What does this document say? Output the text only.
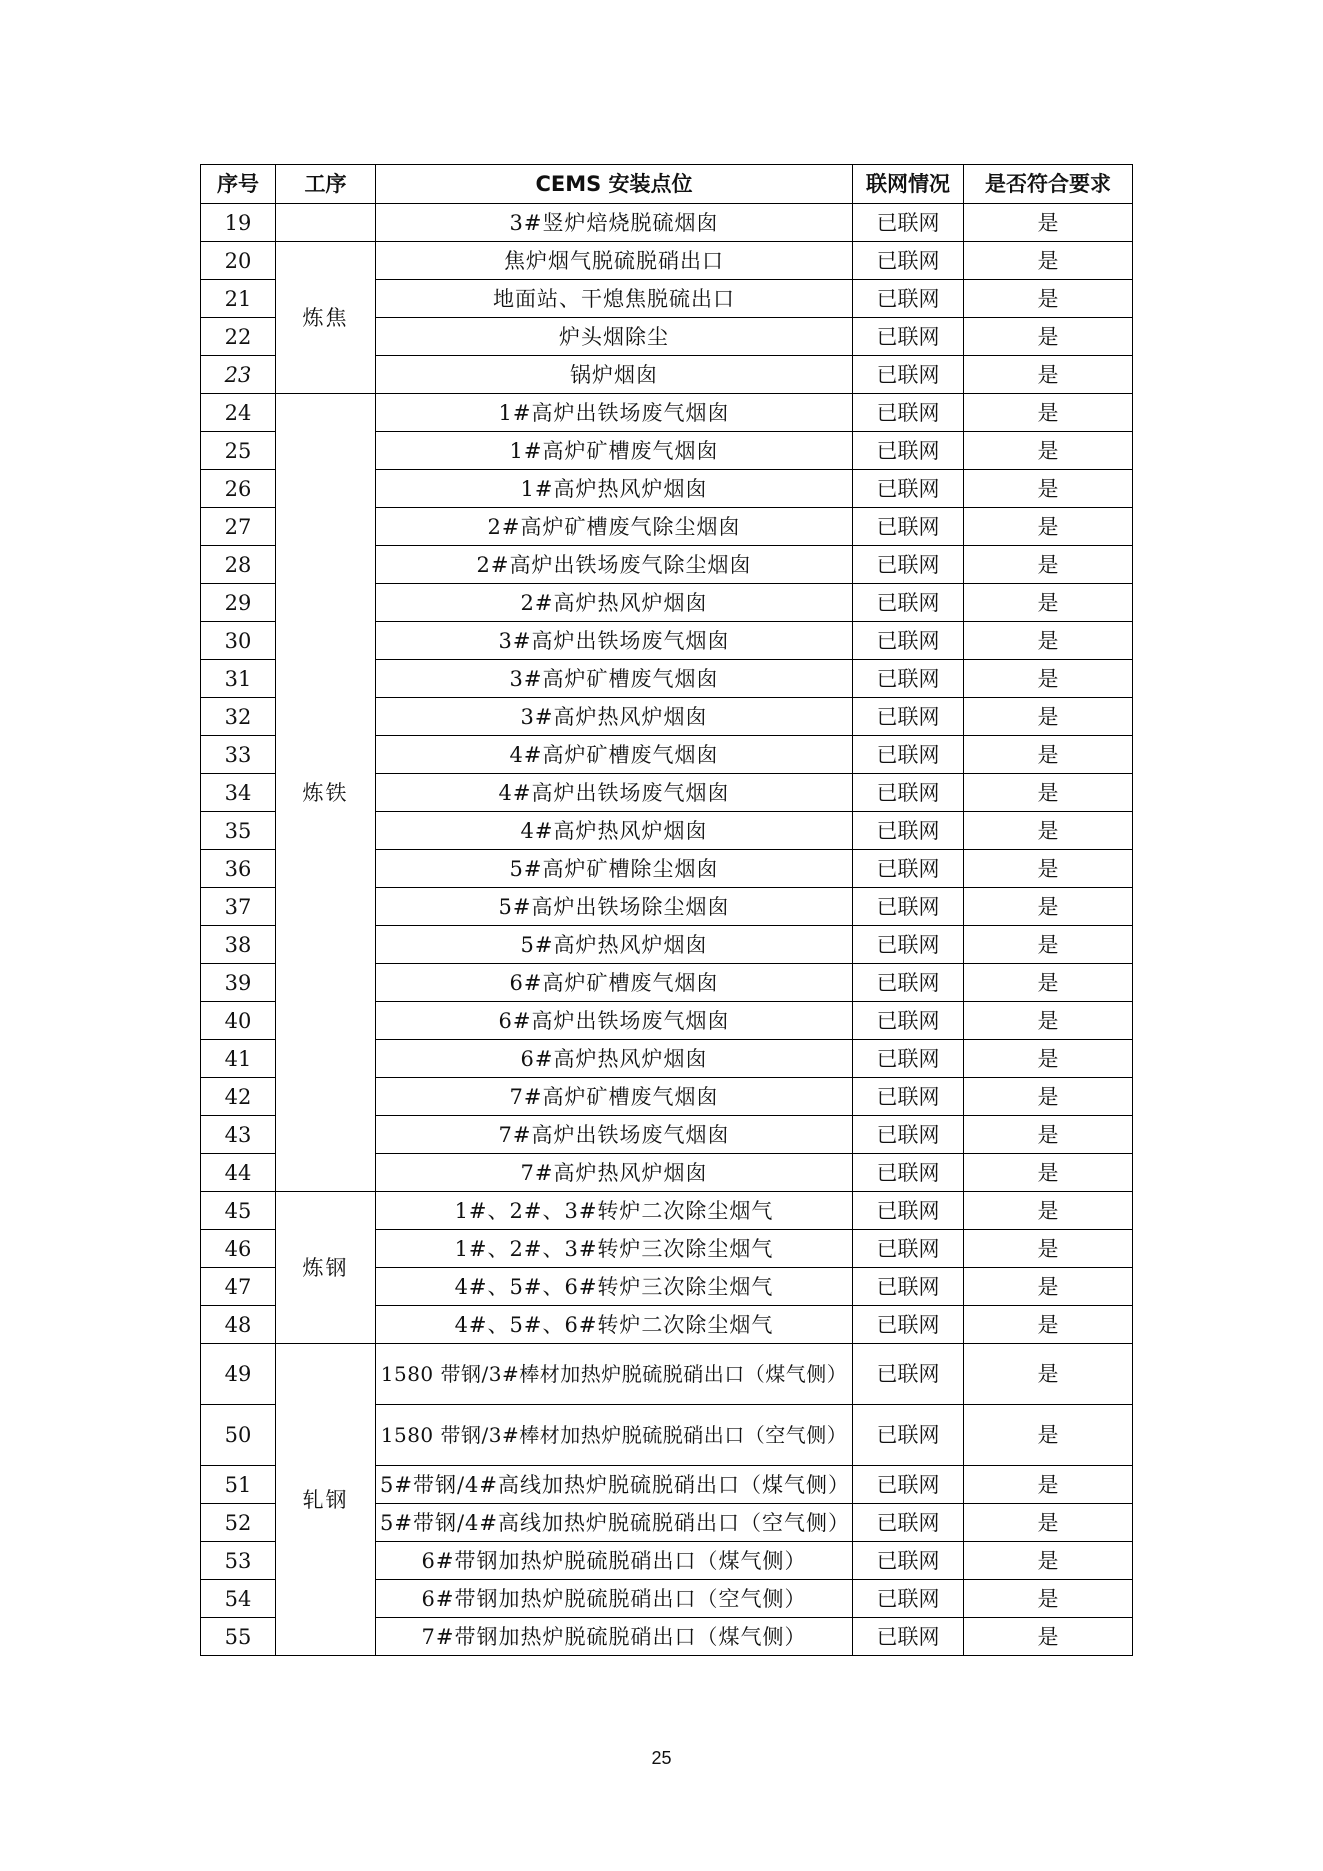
序号	工序	CEMS 安装点位	联网情况	是否符合要求
19		3#竖炉焙烧脱硫烟囱	已联网	是
20	炼焦	焦炉烟气脱硫脱硝出口	已联网	是
21		地面站、干熄焦脱硫出口	已联网	是
22		炉头烟除尘	已联网	是
23		锅炉烟囱	已联网	是
24	炼铁	1#高炉出铁场废气烟囱	已联网	是
25		1#高炉矿槽废气烟囱	已联网	是
26		1#高炉热风炉烟囱	已联网	是
27		2#高炉矿槽废气除尘烟囱	已联网	是
28		2#高炉出铁场废气除尘烟囱	已联网	是
29		2#高炉热风炉烟囱	已联网	是
30		3#高炉出铁场废气烟囱	已联网	是
31		3#高炉矿槽废气烟囱	已联网	是
32		3#高炉热风炉烟囱	已联网	是
33		4#高炉矿槽废气烟囱	已联网	是
34		4#高炉出铁场废气烟囱	已联网	是
35		4#高炉热风炉烟囱	已联网	是
36		5#高炉矿槽除尘烟囱	已联网	是
37		5#高炉出铁场除尘烟囱	已联网	是
38		5#高炉热风炉烟囱	已联网	是
39		6#高炉矿槽废气烟囱	已联网	是
40		6#高炉出铁场废气烟囱	已联网	是
41		6#高炉热风炉烟囱	已联网	是
42		7#高炉矿槽废气烟囱	已联网	是
43		7#高炉出铁场废气烟囱	已联网	是
44		7#高炉热风炉烟囱	已联网	是
45	炼钢	1#、2#、3#转炉二次除尘烟气	已联网	是
46		1#、2#、3#转炉三次除尘烟气	已联网	是
47		4#、5#、6#转炉三次除尘烟气	已联网	是
48		4#、5#、6#转炉二次除尘烟气	已联网	是
49	轧钢	1580 带钢/3#棒材加热炉脱硫脱硝出口（煤气侧）	已联网	是
50		1580 带钢/3#棒材加热炉脱硫脱硝出口（空气侧）	已联网	是
51		5#带钢/4#高线加热炉脱硫脱硝出口（煤气侧）	已联网	是
52		5#带钢/4#高线加热炉脱硫脱硝出口（空气侧）	已联网	是
53		6#带钢加热炉脱硫脱硝出口（煤气侧）	已联网	是
54		6#带钢加热炉脱硫脱硝出口（空气侧）	已联网	是
55		7#带钢加热炉脱硫脱硝出口（煤气侧）	已联网	是
25
